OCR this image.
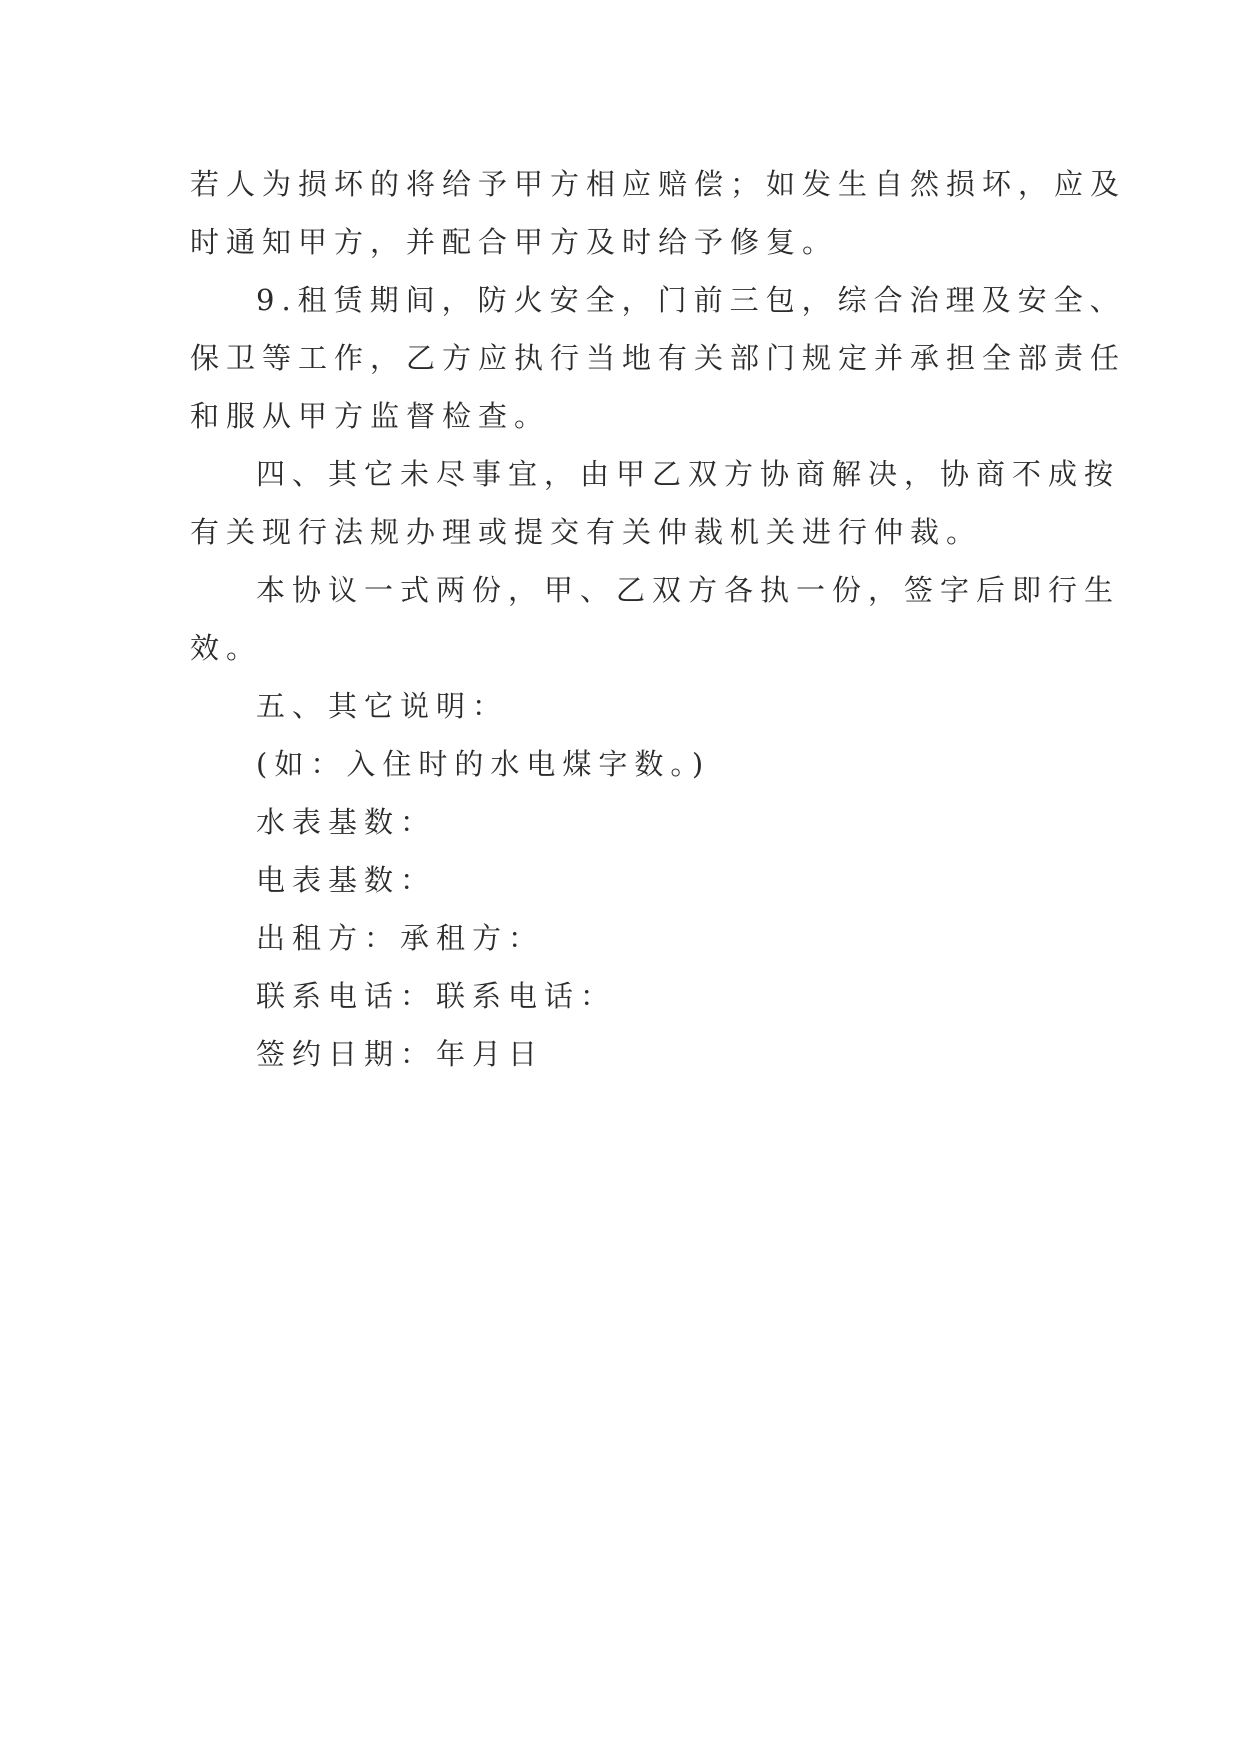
若人为损坏的将给予甲方相应赔偿；如发生自然损坏，应及
时通知甲方，并配合甲方及时给予修复。
9.租赁期间，防火安全，门前三包，综合治理及安全、
保卫等工作，乙方应执行当地有关部门规定并承担全部责任
和服从甲方监督检查。
四、其它未尽事宜，由甲乙双方协商解决，协商不成按
有关现行法规办理或提交有关仲裁机关进行仲裁。
本协议一式两份，甲、乙双方各执一份，签字后即行生
效。
五、其它说明：
(如：入住时的水电煤字数。)
水表基数：
电表基数：
出租方：承租方：
联系电话：联系电话：
签约日期：年月日
